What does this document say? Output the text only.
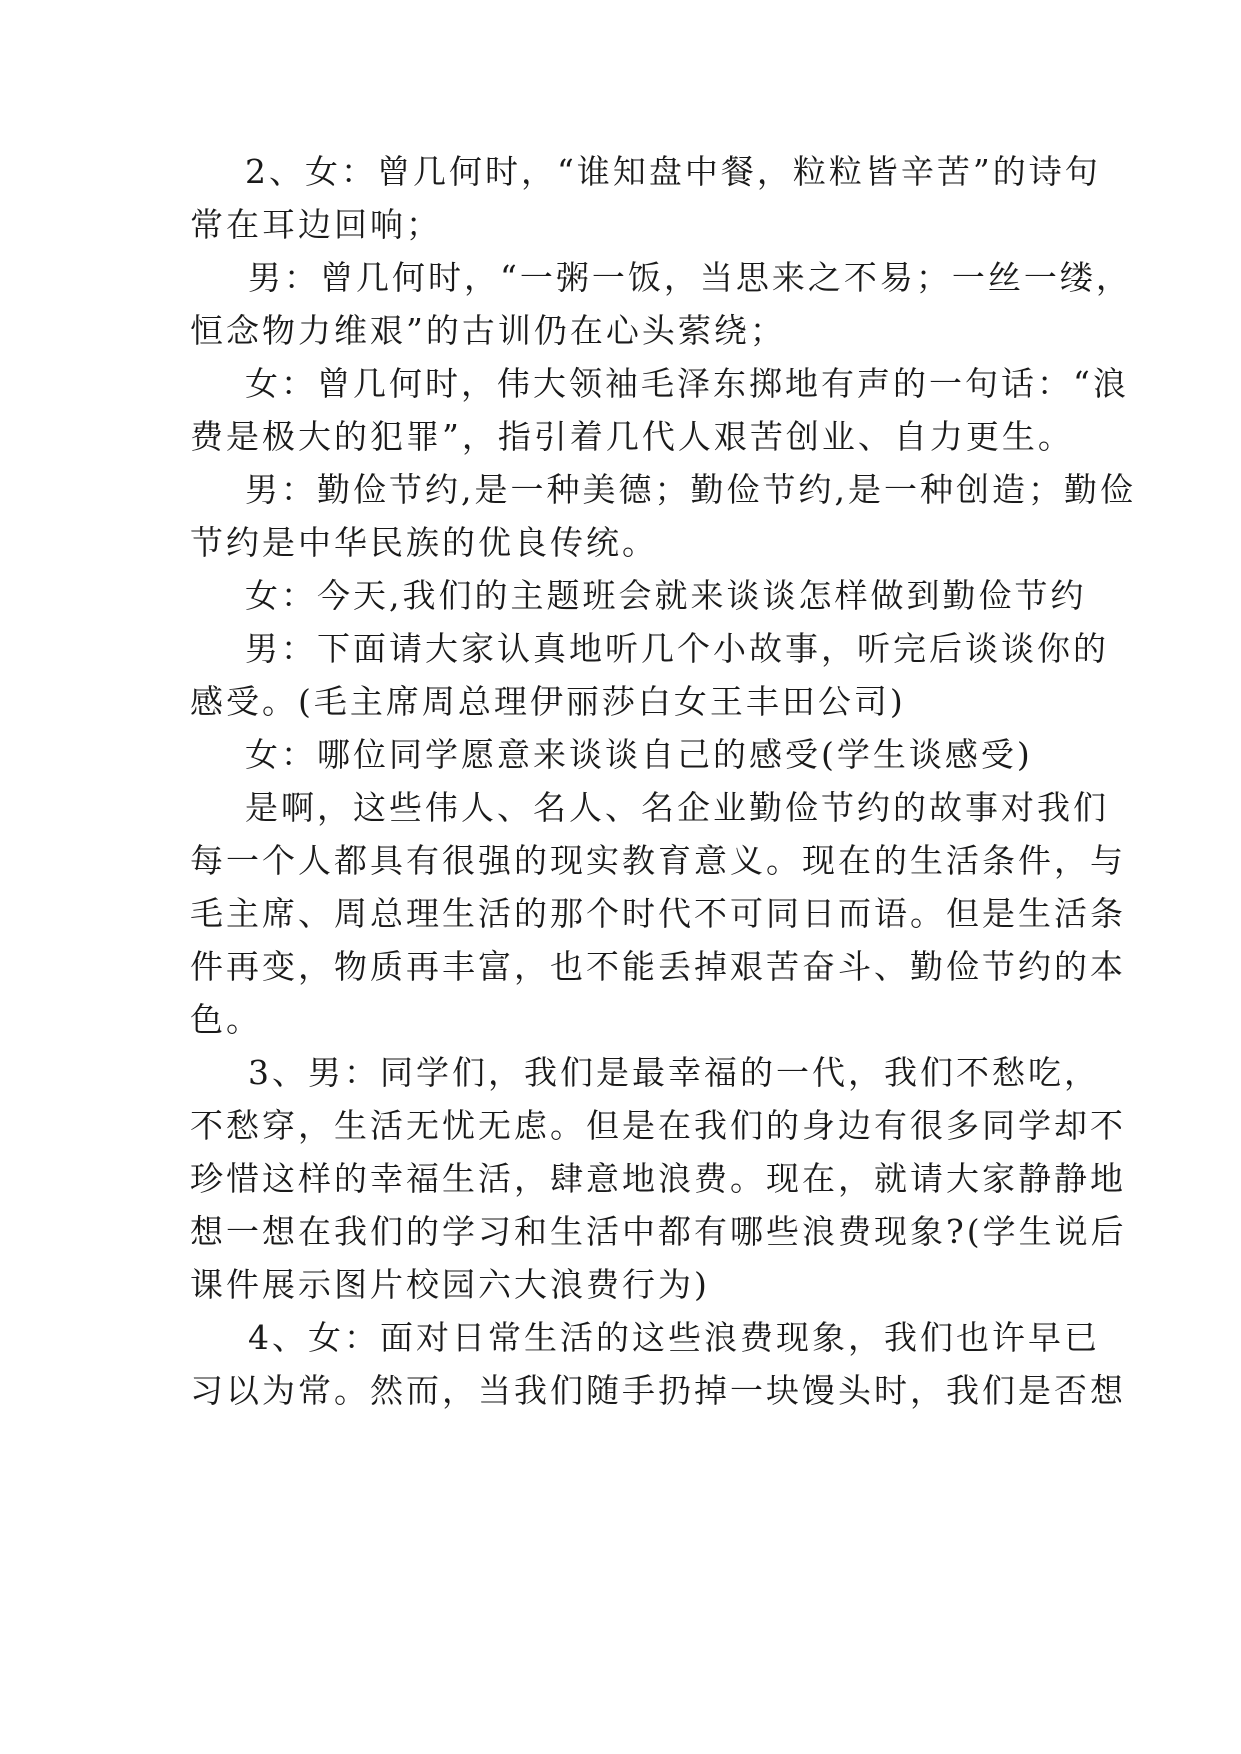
2、女：曾几何时，“谁知盘中餐，粒粒皆辛苦”的诗句
常在耳边回响；
男：曾几何时，“一粥一饭，当思来之不易；一丝一缕，
恒念物力维艰”的古训仍在心头萦绕；
女：曾几何时，伟大领袖毛泽东掷地有声的一句话：“浪
费是极大的犯罪”，指引着几代人艰苦创业、自力更生。
男：勤俭节约,是一种美德；勤俭节约,是一种创造；勤俭
节约是中华民族的优良传统。
女：今天,我们的主题班会就来谈谈怎样做到勤俭节约
男：下面请大家认真地听几个小故事，听完后谈谈你的
感受。(毛主席周总理伊丽莎白女王丰田公司)
女：哪位同学愿意来谈谈自己的感受(学生谈感受)
是啊，这些伟人、名人、名企业勤俭节约的故事对我们
每一个人都具有很强的现实教育意义。现在的生活条件，与
毛主席、周总理生活的那个时代不可同日而语。但是生活条
件再变，物质再丰富，也不能丢掉艰苦奋斗、勤俭节约的本
色。
3、男：同学们，我们是最幸福的一代，我们不愁吃，
不愁穿，生活无忧无虑。但是在我们的身边有很多同学却不
珍惜这样的幸福生活，肆意地浪费。现在，就请大家静静地
想一想在我们的学习和生活中都有哪些浪费现象?(学生说后
课件展示图片校园六大浪费行为)
4、女：面对日常生活的这些浪费现象，我们也许早已
习以为常。然而，当我们随手扔掉一块馒头时，我们是否想
